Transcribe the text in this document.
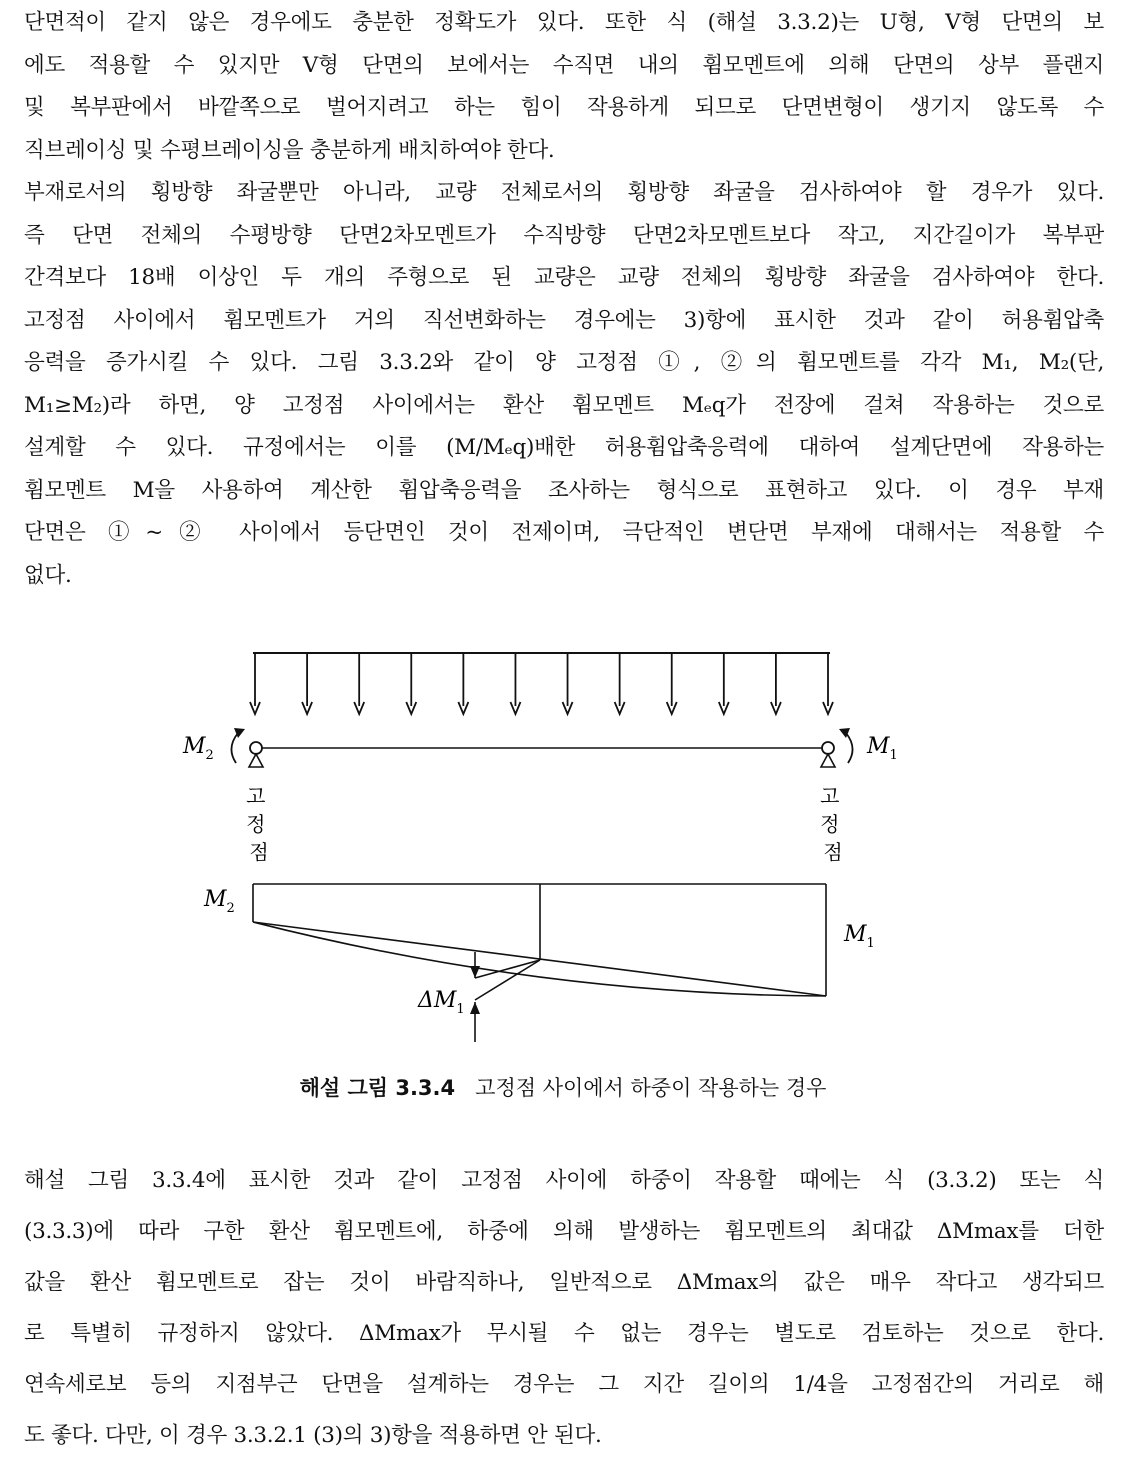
단면적이 같지 않은 경우에도 충분한 정확도가 있다. 또한 식 (해설 3.3.2)는 U형, V형 단면의 보
에도 적용할 수 있지만 V형 단면의 보에서는 수직면 내의 휨모멘트에 의해 단면의 상부 플랜지
및 복부판에서 바깥쪽으로 벌어지려고 하는 힘이 작용하게 되므로 단면변형이 생기지 않도록 수
직브레이싱 및 수평브레이싱을 충분하게 배치하여야 한다.
부재로서의 횡방향 좌굴뿐만 아니라, 교량 전체로서의 횡방향 좌굴을 검사하여야 할 경우가 있다.
즉 단면 전체의 수평방향 단면2차모멘트가 수직방향 단면2차모멘트보다 작고, 지간길이가 복부판
간격보다 18배 이상인 두 개의 주형으로 된 교량은 교량 전체의 횡방향 좌굴을 검사하여야 한다.
고정점 사이에서 휨모멘트가 거의 직선변화하는 경우에는 3)항에 표시한 것과 같이 허용휨압축
응력을 증가시킬 수 있다. 그림 3.3.2와 같이 양 고정점 ①, ②의 휨모멘트를 각각 M₁, M₂(단,
M₁≥M₂)라 하면, 양 고정점 사이에서는 환산 휨모멘트 Mₑq가 전장에 걸쳐 작용하는 것으로
설계할 수 있다. 규정에서는 이를 (M/Mₑq)배한 허용휨압축응력에 대하여 설계단면에 작용하는
휨모멘트 M을 사용하여 계산한 휨압축응력을 조사하는 형식으로 표현하고 있다. 이 경우 부재
단면은 ①~② 사이에서 등단면인 것이 전제이며, 극단적인 변단면 부재에 대해서는 적용할 수
없다.
$M_2$	$M_1$
고 정 점
고 정 점
$M_2$
$M_1$
$\Delta M_1$
해설 그림 3.3.4 고정점 사이에서 하중이 작용하는 경우
해설 그림 3.3.4에 표시한 것과 같이 고정점 사이에 하중이 작용할 때에는 식 (3.3.2) 또는 식
(3.3.3)에 따라 구한 환산 휨모멘트에, 하중에 의해 발생하는 휨모멘트의 최대값 ΔMmax를 더한
값을 환산 휨모멘트로 잡는 것이 바람직하나, 일반적으로 ΔMmax의 값은 매우 작다고 생각되므
로 특별히 규정하지 않았다. ΔMmax가 무시될 수 없는 경우는 별도로 검토하는 것으로 한다.
연속세로보 등의 지점부근 단면을 설계하는 경우는 그 지간 길이의 1/4을 고정점간의 거리로 해
도 좋다. 다만, 이 경우 3.3.2.1 (3)의 3)항을 적용하면 안 된다.
